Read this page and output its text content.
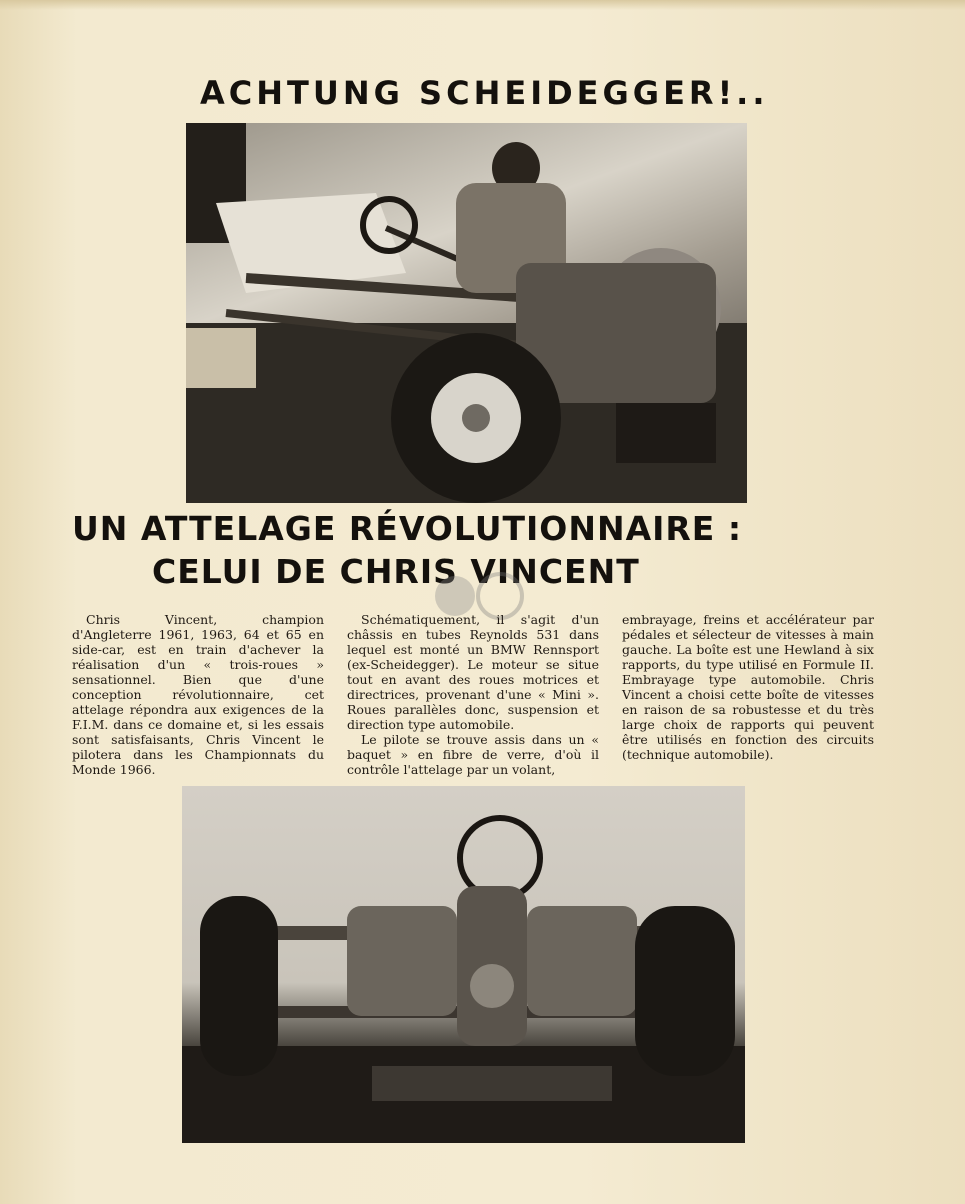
ACHTUNG SCHEIDEGGER!..
UN ATTELAGE RÉVOLUTIONNAIRE :
CELUI DE CHRIS VINCENT

Chris Vincent, champion d'Angleterre 1961, 1963, 64 et 65 en side-car, est en train d'achever la réalisation d'un « trois-roues » sensationnel. Bien que d'une conception révolutionnaire, cet attelage répondra aux exigences de la F.I.M. dans ce domaine et, si les essais sont satisfaisants, Chris Vincent le pilotera dans les Championnats du Monde 1966.

Schématiquement, il s'agit d'un châssis en tubes Reynolds 531 dans lequel est monté un BMW Rennsport (ex-Scheidegger). Le moteur se situe tout en avant des roues motrices et directrices, provenant d'une « Mini ». Roues parallèles donc, suspension et direction type automobile.

Le pilote se trouve assis dans un « baquet » en fibre de verre, d'où il contrôle l'attelage par un volant,

embrayage, freins et accélérateur par pédales et sélecteur de vitesses à main gauche. La boîte est une Hewland à six rapports, du type utilisé en Formule II. Embrayage type automobile. Chris Vincent a choisi cette boîte de vitesses en raison de sa robustesse et du très large choix de rapports qui peuvent être utilisés en fonction des circuits (technique automobile).
